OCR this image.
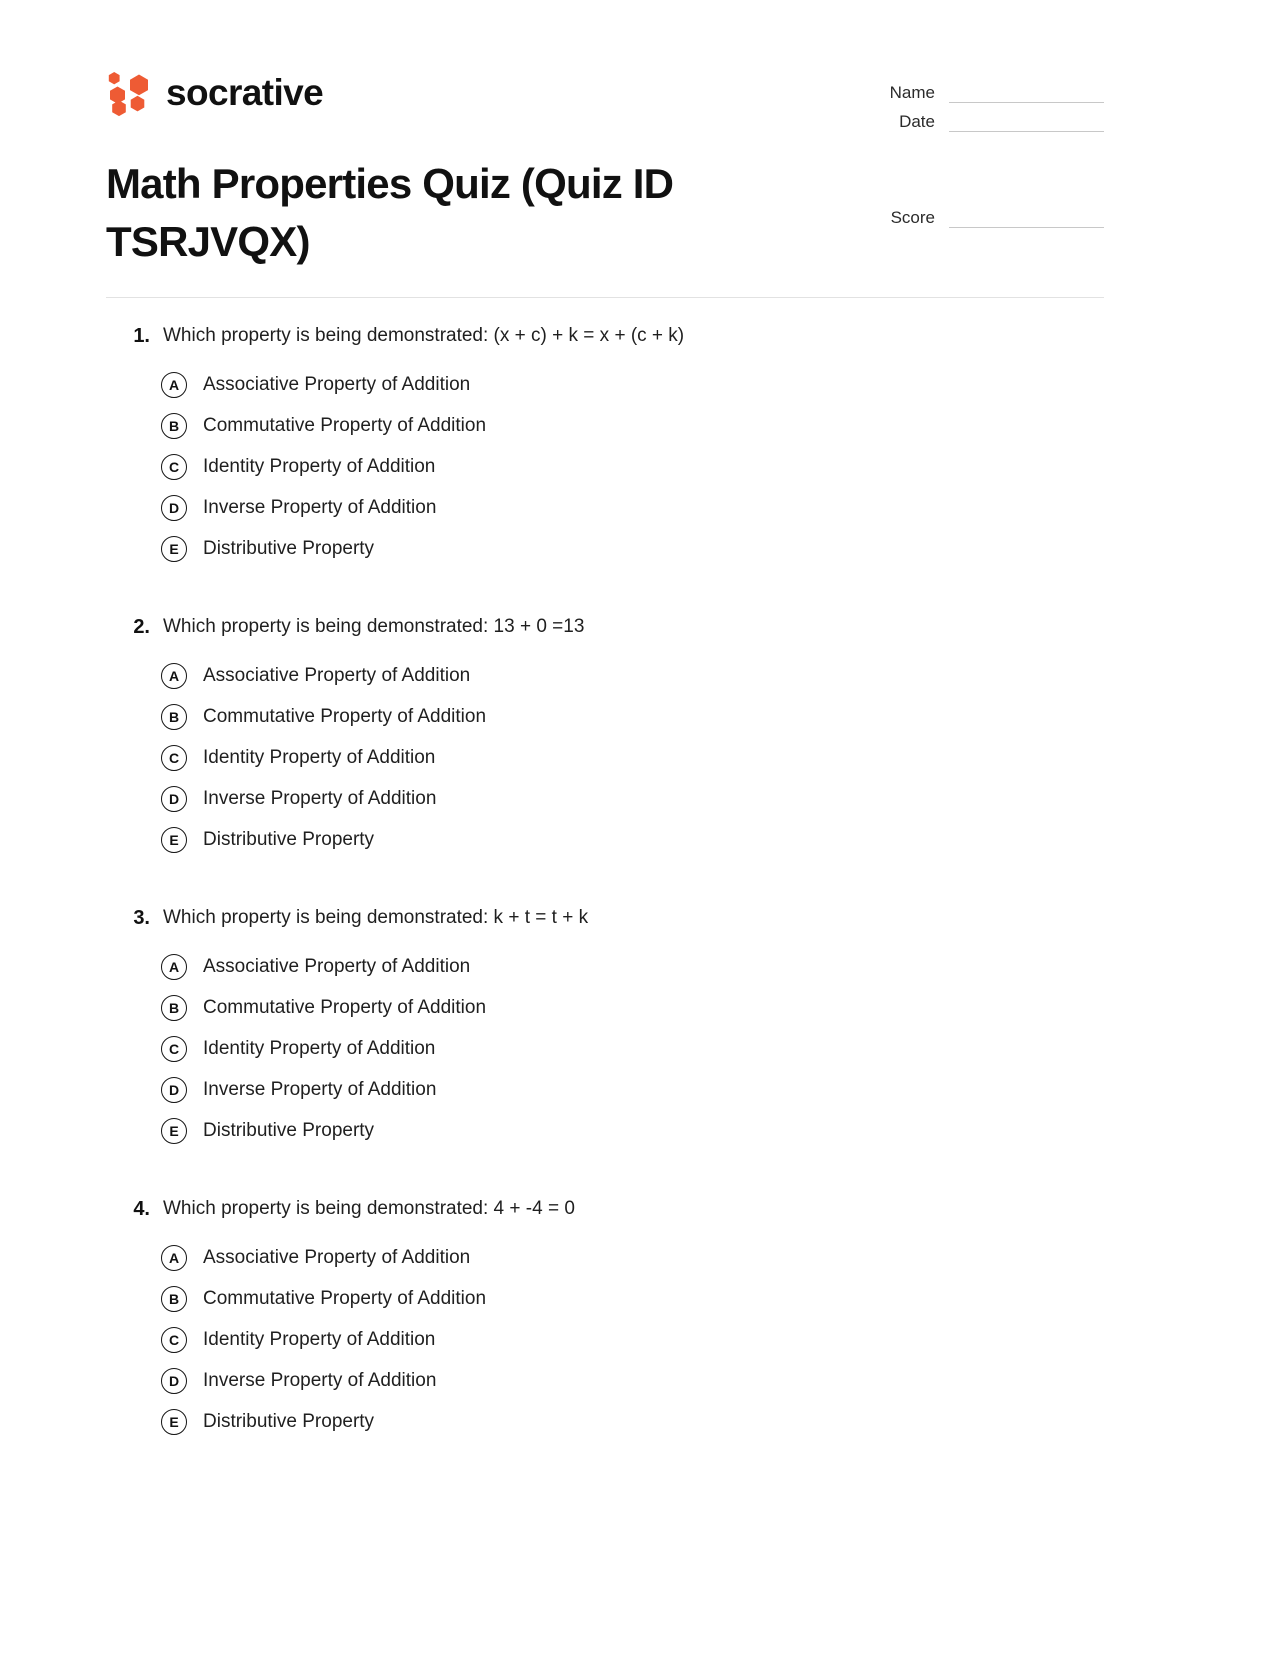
socrative	Name
Date
Score
Math Properties Quiz (Quiz ID TSRJVQX)
1. Which property is being demonstrated: (x + c) + k = x + (c + k)
A	Associative Property of Addition
B	Commutative Property of Addition
C	Identity Property of Addition
D	Inverse Property of Addition
E	Distributive Property
2. Which property is being demonstrated: 13 + 0 =13
A	Associative Property of Addition
B	Commutative Property of Addition
C	Identity Property of Addition
D	Inverse Property of Addition
E	Distributive Property
3. Which property is being demonstrated: k + t = t + k
A	Associative Property of Addition
B	Commutative Property of Addition
C	Identity Property of Addition
D	Inverse Property of Addition
E	Distributive Property
4. Which property is being demonstrated: 4 + -4 = 0
A	Associative Property of Addition
B	Commutative Property of Addition
C	Identity Property of Addition
D	Inverse Property of Addition
E	Distributive Property
